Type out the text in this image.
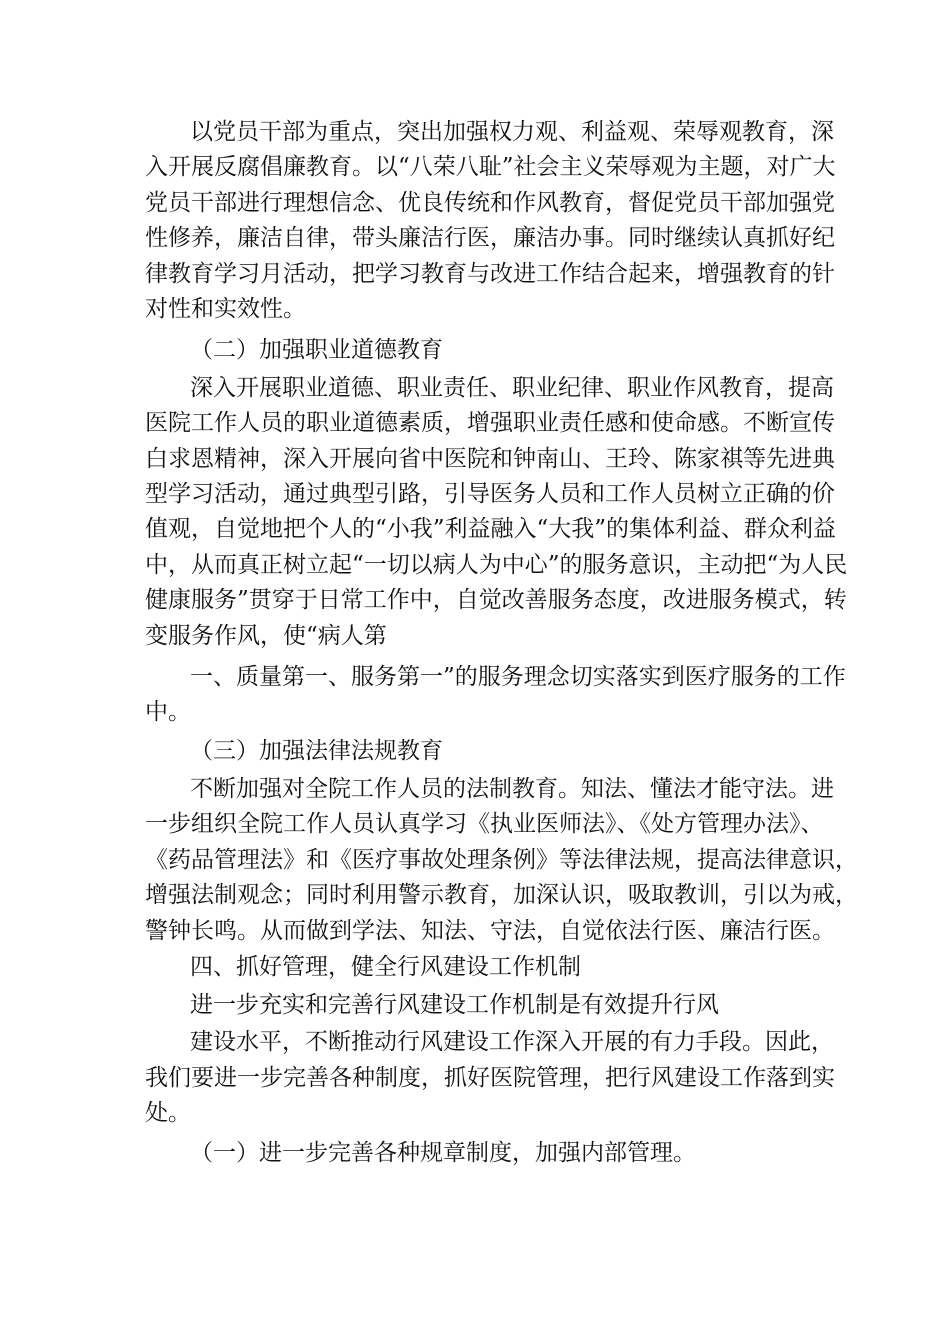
以党员干部为重点，突出加强权力观、利益观、荣辱观教育，深
入开展反腐倡廉教育。以“八荣八耻”社会主义荣辱观为主题，对广大
党员干部进行理想信念、优良传统和作风教育，督促党员干部加强党
性修养，廉洁自律，带头廉洁行医，廉洁办事。同时继续认真抓好纪
律教育学习月活动，把学习教育与改进工作结合起来，增强教育的针
对性和实效性。
（二）加强职业道德教育
深入开展职业道德、职业责任、职业纪律、职业作风教育，提高
医院工作人员的职业道德素质，增强职业责任感和使命感。不断宣传
白求恩精神，深入开展向省中医院和钟南山、王玲、陈家祺等先进典
型学习活动，通过典型引路，引导医务人员和工作人员树立正确的价
值观，自觉地把个人的“小我”利益融入“大我”的集体利益、群众利益
中，从而真正树立起“一切以病人为中心”的服务意识，主动把“为人民
健康服务”贯穿于日常工作中，自觉改善服务态度，改进服务模式，转
变服务作风，使“病人第
一、质量第一、服务第一”的服务理念切实落实到医疗服务的工作
中。
（三）加强法律法规教育
不断加强对全院工作人员的法制教育。知法、懂法才能守法。进
一步组织全院工作人员认真学习《执业医师法》、《处方管理办法》、
《药品管理法》和《医疗事故处理条例》等法律法规，提高法律意识，
增强法制观念；同时利用警示教育，加深认识，吸取教训，引以为戒，
警钟长鸣。从而做到学法、知法、守法，自觉依法行医、廉洁行医。
四、抓好管理，健全行风建设工作机制
进一步充实和完善行风建设工作机制是有效提升行风
建设水平，不断推动行风建设工作深入开展的有力手段。因此，
我们要进一步完善各种制度，抓好医院管理，把行风建设工作落到实
处。
（一）进一步完善各种规章制度，加强内部管理。
